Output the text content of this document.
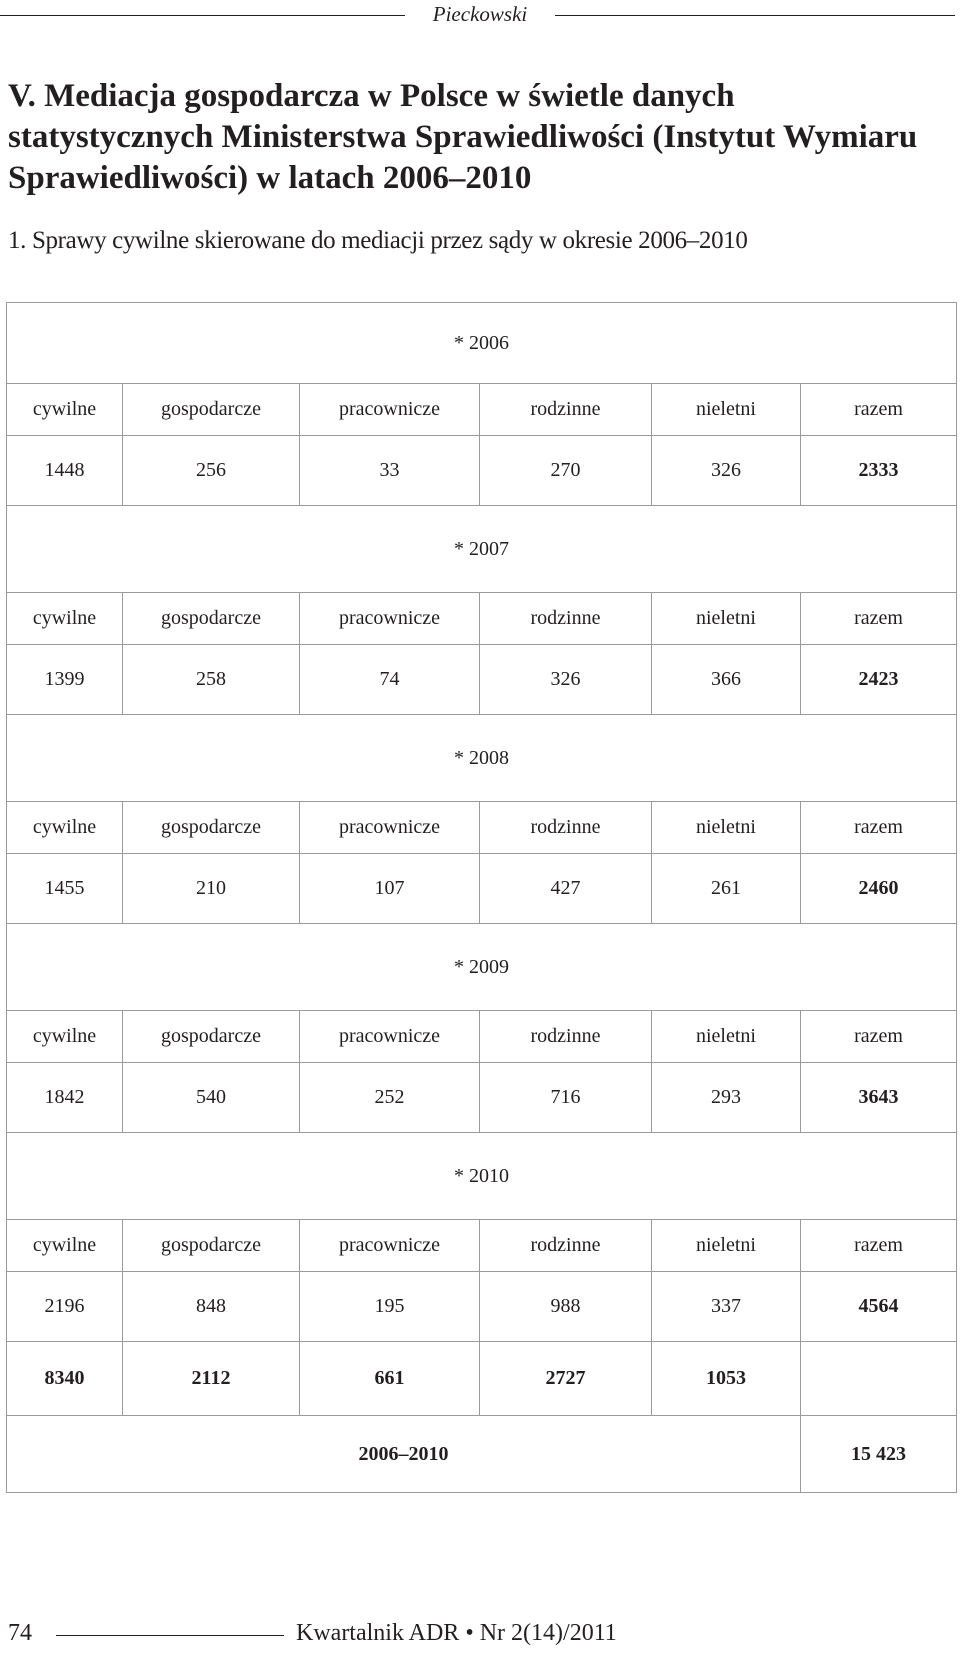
Pieckowski
V. Mediacja gospodarcza w Polsce w świetle danych statystycznych Ministerstwa Sprawiedliwości (Instytut Wymiaru Sprawiedliwości) w latach 2006–2010
1. Sprawy cywilne skierowane do mediacji przez sądy w okresie 2006–2010
* 2006					
cywilne	gospodarcze	pracownicze	rodzinne	nieletni	razem
1448	256	33	270	326	2333
* 2007					
cywilne	gospodarcze	pracownicze	rodzinne	nieletni	razem
1399	258	74	326	366	2423
* 2008					
cywilne	gospodarcze	pracownicze	rodzinne	nieletni	razem
1455	210	107	427	261	2460
* 2009					
cywilne	gospodarcze	pracownicze	rodzinne	nieletni	razem
1842	540	252	716	293	3643
* 2010					
cywilne	gospodarcze	pracownicze	rodzinne	nieletni	razem
2196	848	195	988	337	4564
8340	2112	661	2727	1053	
2006–2010					15 423
74	Kwartalnik ADR • Nr 2(14)/2011
